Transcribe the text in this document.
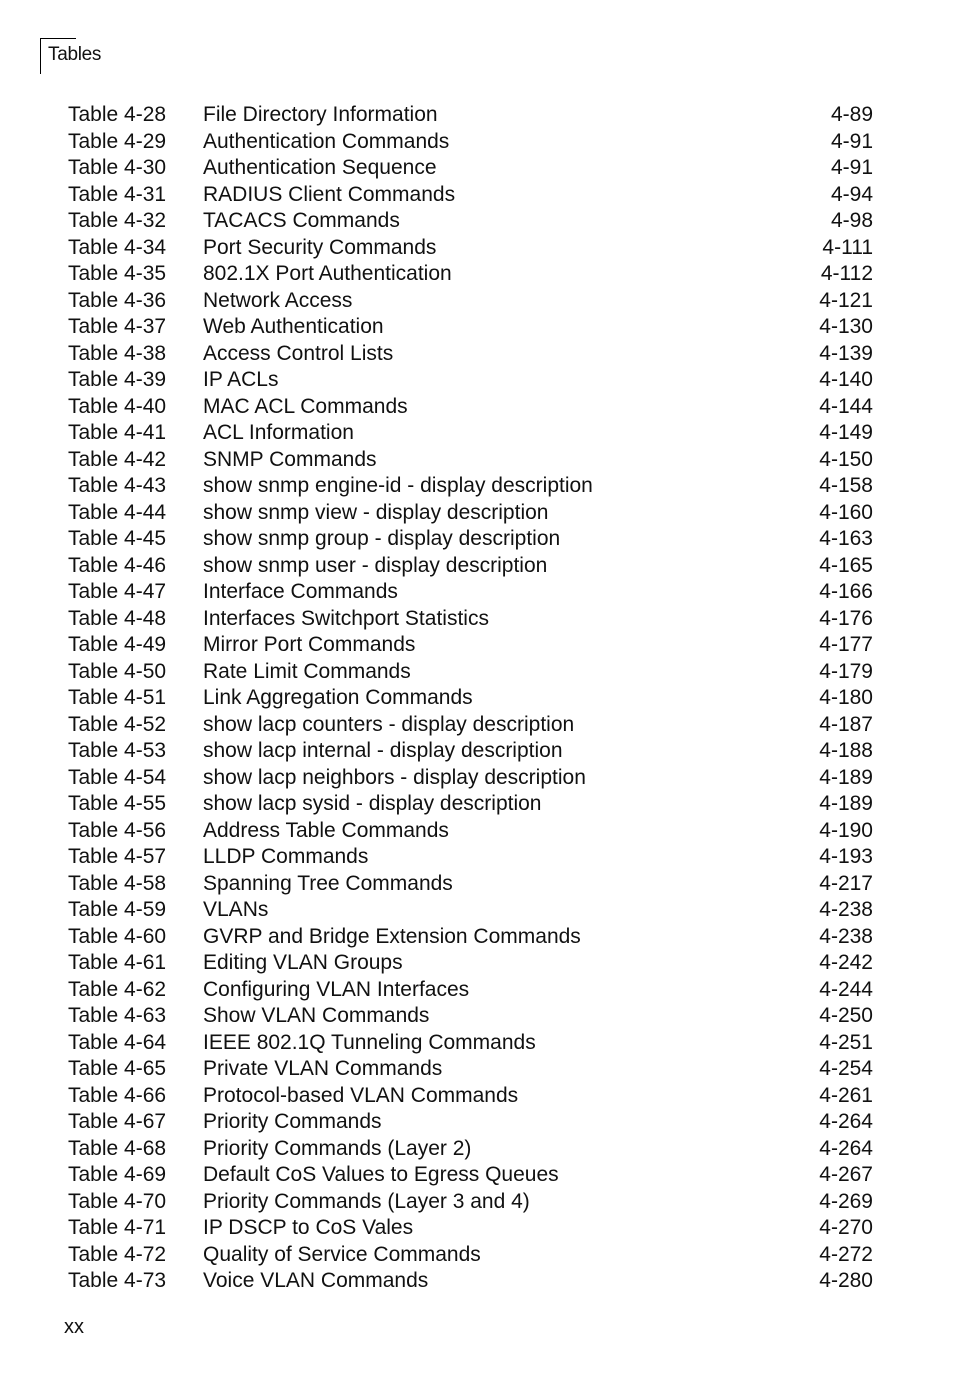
Tables
Table 4-28 File Directory Information	4-89
Table 4-29 Authentication Commands	4-91
Table 4-30 Authentication Sequence	4-91
Table 4-31 RADIUS Client Commands	4-94
Table 4-32 TACACS Commands	4-98
Table 4-34 Port Security Commands	4-111
Table 4-35 802.1X Port Authentication	4-112
Table 4-36 Network Access	4-121
Table 4-37 Web Authentication	4-130
Table 4-38 Access Control Lists	4-139
Table 4-39 IP ACLs	4-140
Table 4-40 MAC ACL Commands	4-144
Table 4-41 ACL Information	4-149
Table 4-42 SNMP Commands	4-150
Table 4-43 show snmp engine-id - display description	4-158
Table 4-44 show snmp view - display description	4-160
Table 4-45 show snmp group - display description	4-163
Table 4-46 show snmp user - display description	4-165
Table 4-47 Interface Commands	4-166
Table 4-48 Interfaces Switchport Statistics	4-176
Table 4-49 Mirror Port Commands	4-177
Table 4-50 Rate Limit Commands	4-179
Table 4-51 Link Aggregation Commands	4-180
Table 4-52 show lacp counters - display description	4-187
Table 4-53 show lacp internal - display description	4-188
Table 4-54 show lacp neighbors - display description	4-189
Table 4-55 show lacp sysid - display description	4-189
Table 4-56 Address Table Commands	4-190
Table 4-57 LLDP Commands	4-193
Table 4-58 Spanning Tree Commands	4-217
Table 4-59 VLANs	4-238
Table 4-60 GVRP and Bridge Extension Commands	4-238
Table 4-61 Editing VLAN Groups	4-242
Table 4-62 Configuring VLAN Interfaces	4-244
Table 4-63 Show VLAN Commands	4-250
Table 4-64 IEEE 802.1Q Tunneling Commands	4-251
Table 4-65 Private VLAN Commands	4-254
Table 4-66 Protocol-based VLAN Commands	4-261
Table 4-67 Priority Commands	4-264
Table 4-68 Priority Commands (Layer 2)	4-264
Table 4-69 Default CoS Values to Egress Queues	4-267
Table 4-70 Priority Commands (Layer 3 and 4)	4-269
Table 4-71 IP DSCP to CoS Vales	4-270
Table 4-72 Quality of Service Commands	4-272
Table 4-73 Voice VLAN Commands	4-280
xx
